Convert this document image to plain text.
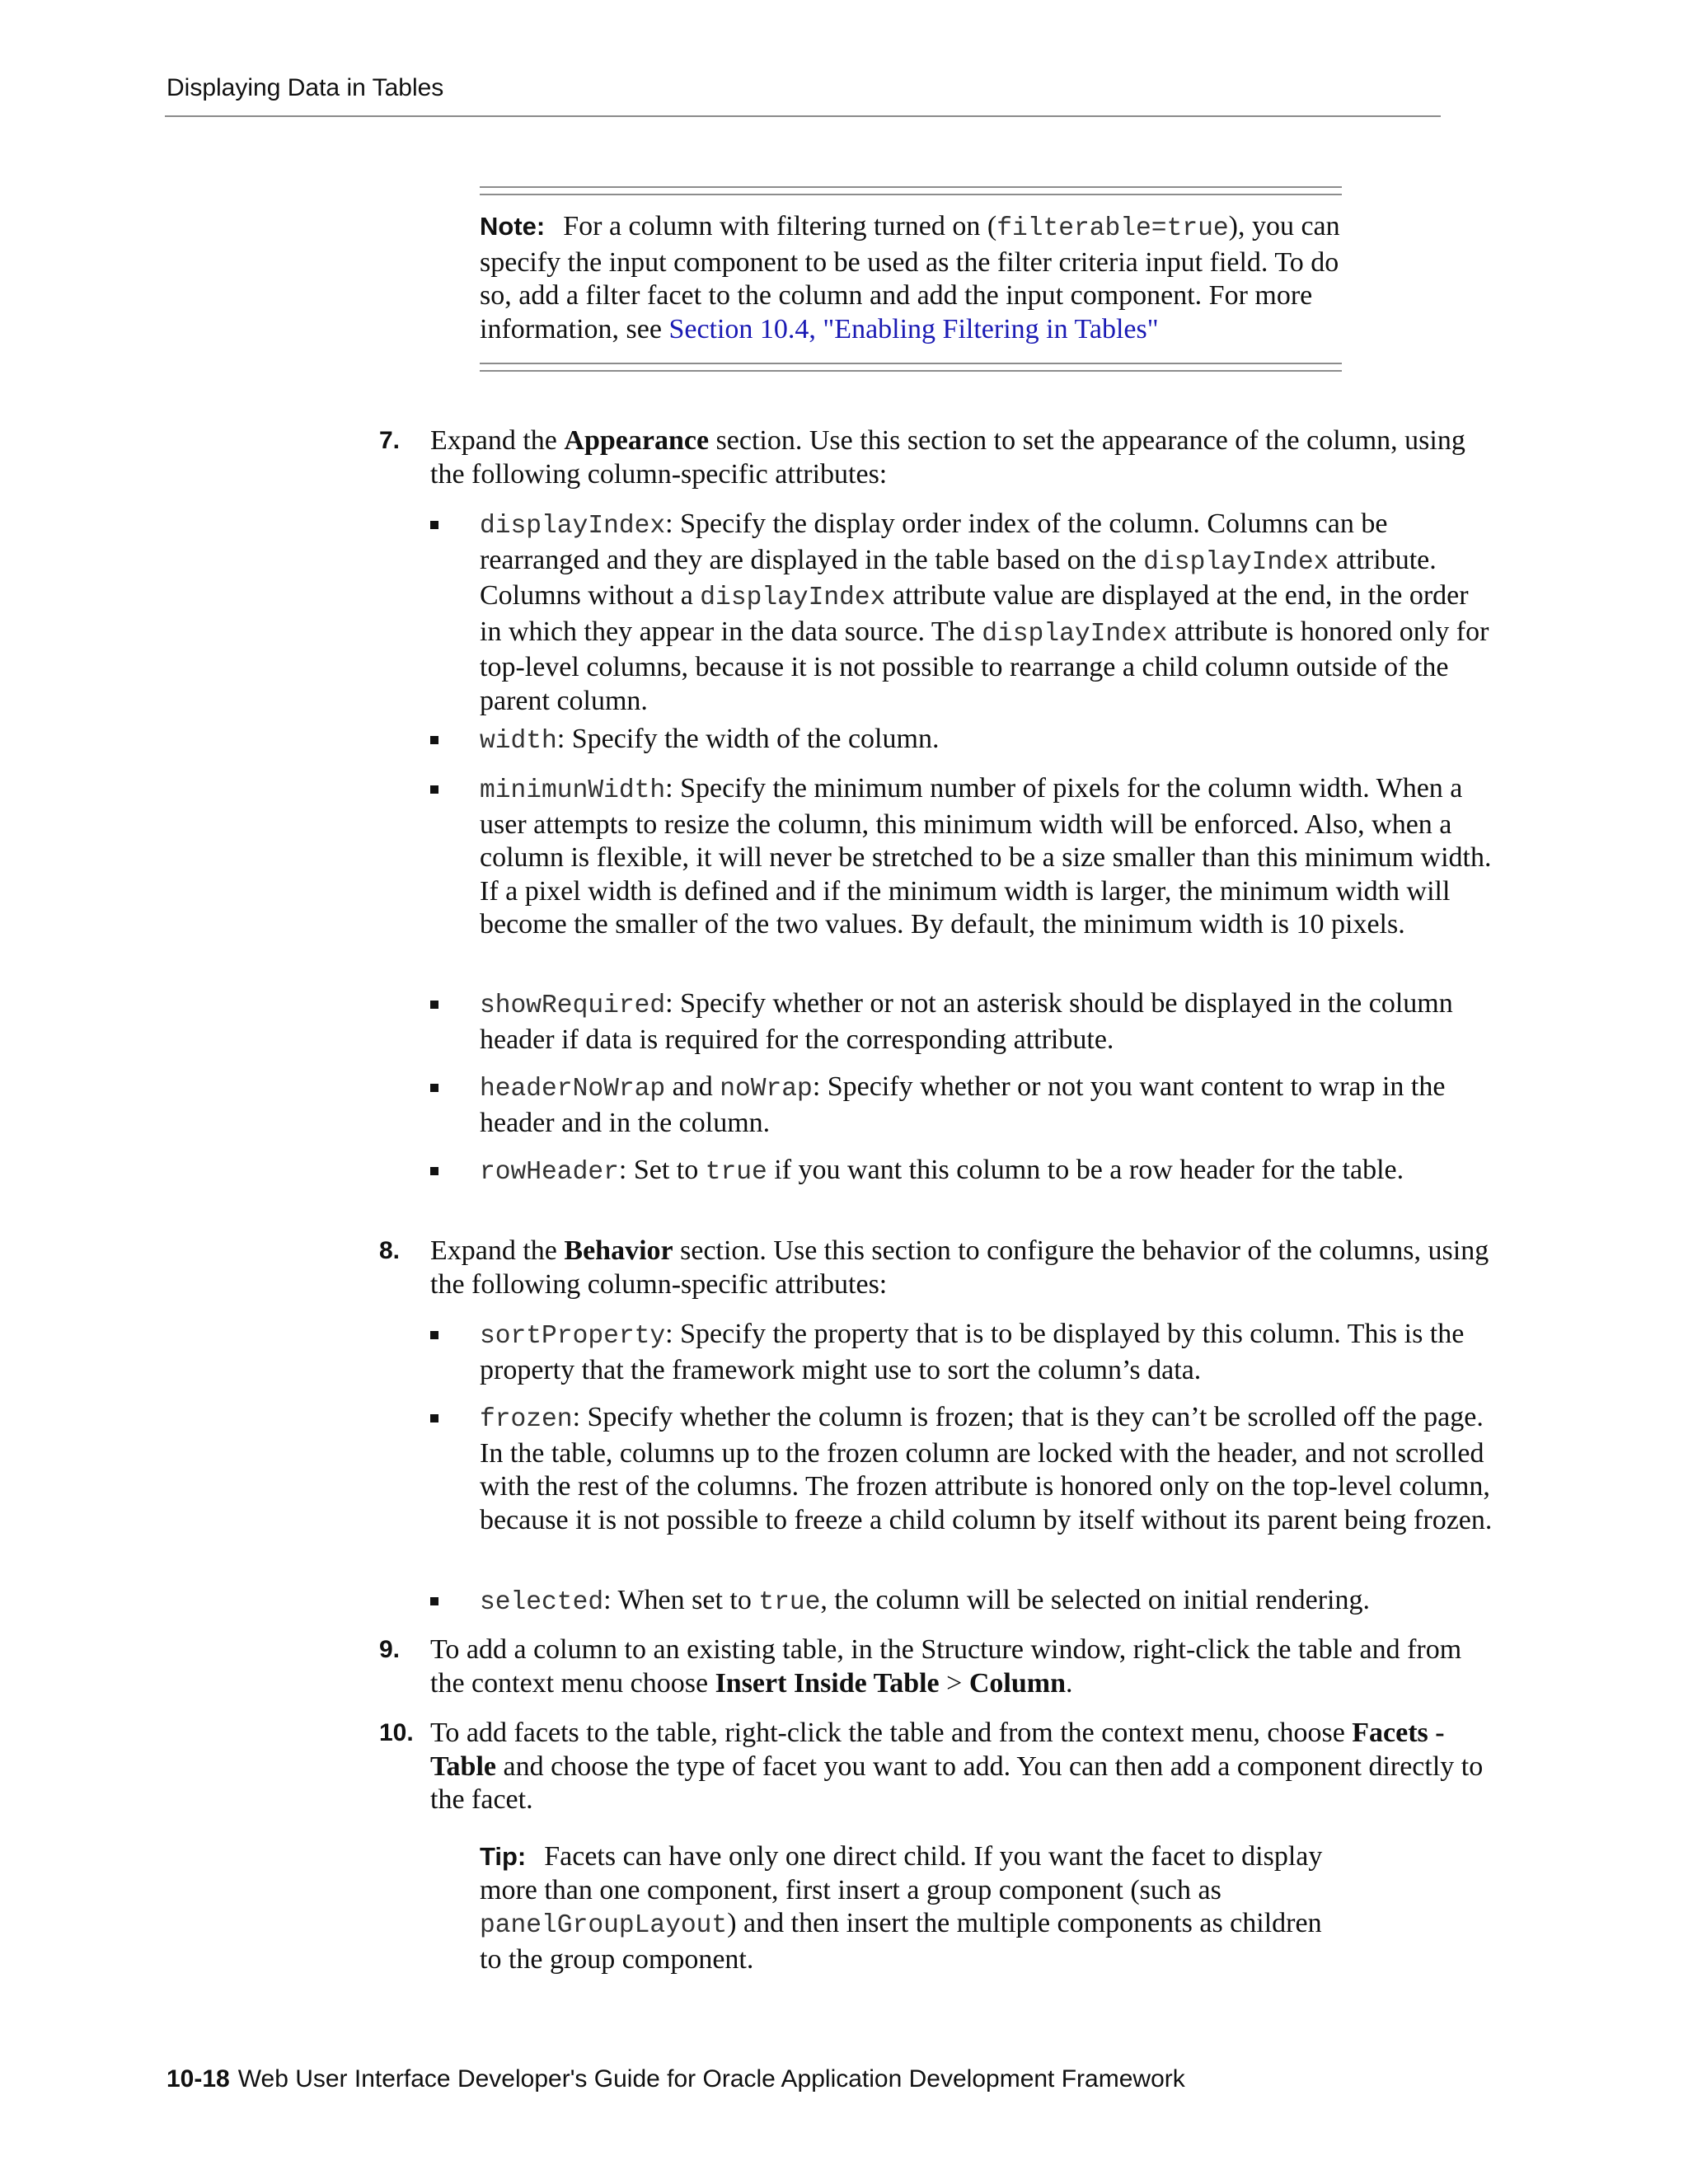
Displaying Data in Tables
Note: For a column with filtering turned on (filterable=true), you can specify the input component to be used as the filter criteria input field. To do so, add a filter facet to the column and add the input component. For more information, see Section 10.4, "Enabling Filtering in Tables"
7. Expand the Appearance section. Use this section to set the appearance of the column, using the following column-specific attributes:
displayIndex: Specify the display order index of the column. Columns can be rearranged and they are displayed in the table based on the displayIndex attribute. Columns without a displayIndex attribute value are displayed at the end, in the order in which they appear in the data source. The displayIndex attribute is honored only for top-level columns, because it is not possible to rearrange a child column outside of the parent column.
width: Specify the width of the column.
minimunWidth: Specify the minimum number of pixels for the column width. When a user attempts to resize the column, this minimum width will be enforced. Also, when a column is flexible, it will never be stretched to be a size smaller than this minimum width. If a pixel width is defined and if the minimum width is larger, the minimum width will become the smaller of the two values. By default, the minimum width is 10 pixels.
showRequired: Specify whether or not an asterisk should be displayed in the column header if data is required for the corresponding attribute.
headerNoWrap and noWrap: Specify whether or not you want content to wrap in the header and in the column.
rowHeader: Set to true if you want this column to be a row header for the table.
8. Expand the Behavior section. Use this section to configure the behavior of the columns, using the following column-specific attributes:
sortProperty: Specify the property that is to be displayed by this column. This is the property that the framework might use to sort the column’s data.
frozen: Specify whether the column is frozen; that is they can’t be scrolled off the page. In the table, columns up to the frozen column are locked with the header, and not scrolled with the rest of the columns. The frozen attribute is honored only on the top-level column, because it is not possible to freeze a child column by itself without its parent being frozen.
selected: When set to true, the column will be selected on initial rendering.
9. To add a column to an existing table, in the Structure window, right-click the table and from the context menu choose Insert Inside Table > Column.
10. To add facets to the table, right-click the table and from the context menu, choose Facets - Table and choose the type of facet you want to add. You can then add a component directly to the facet.
Tip: Facets can have only one direct child. If you want the facet to display more than one component, first insert a group component (such as panelGroupLayout) and then insert the multiple components as children to the group component.
10-18 Web User Interface Developer's Guide for Oracle Application Development Framework
